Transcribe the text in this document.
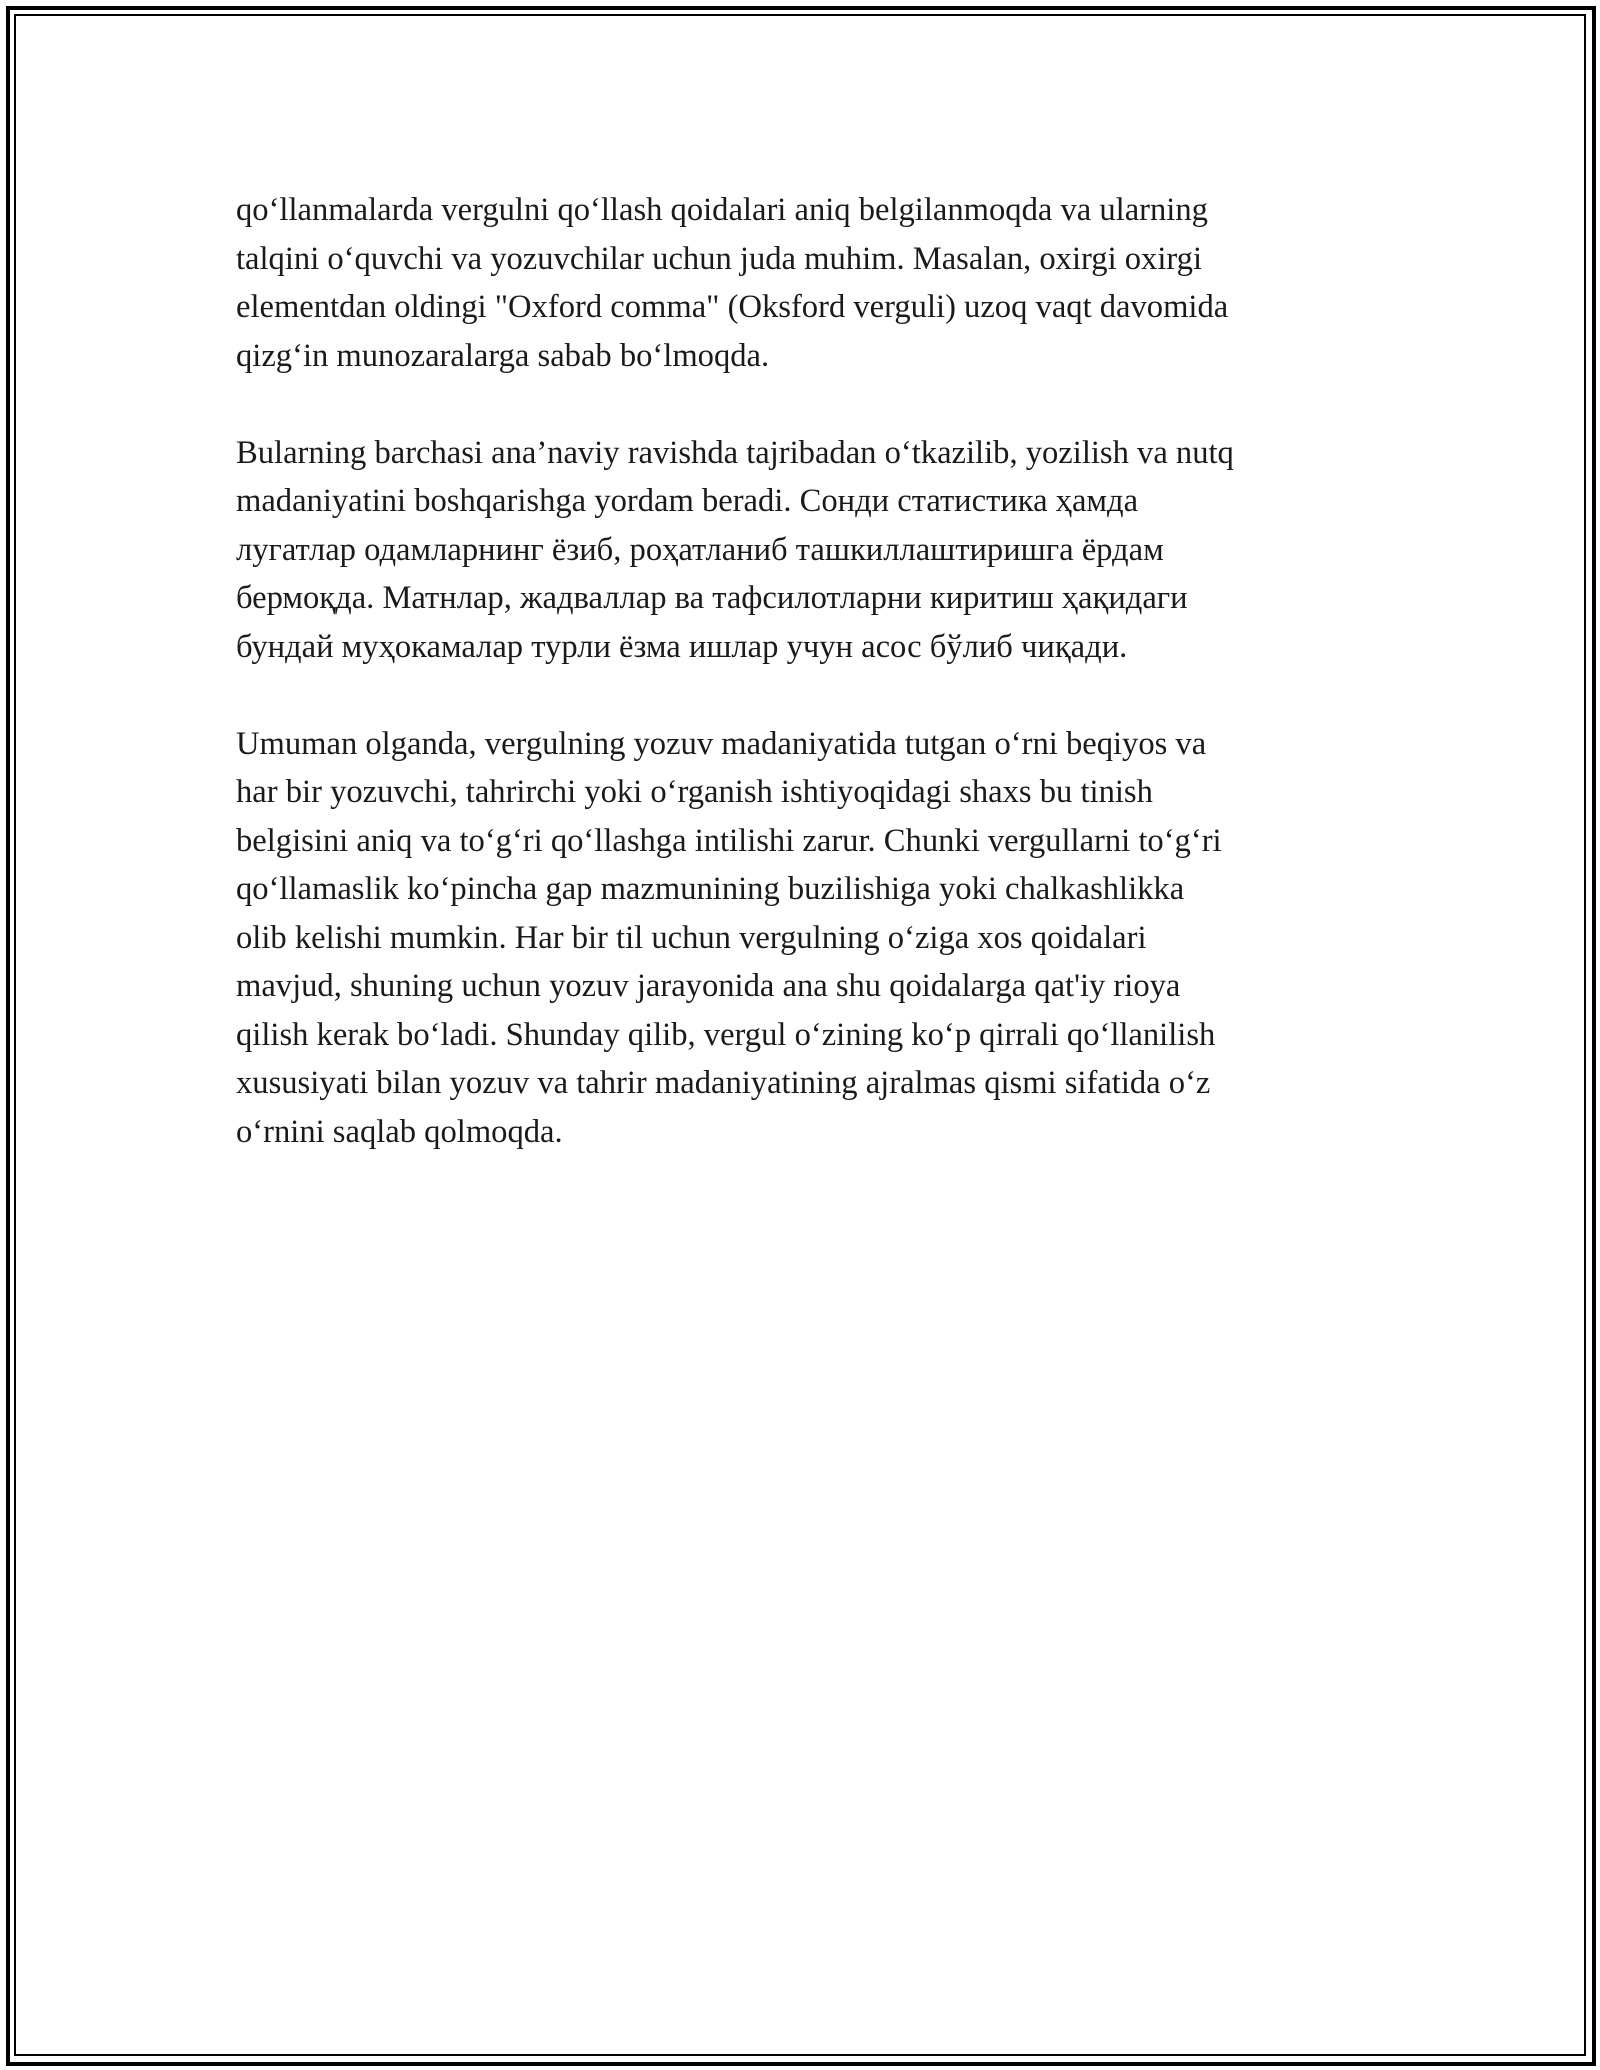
qo‘llanmalarda vergulni qo‘llash qoidalari aniq belgilanmoqda va ularning
talqini o‘quvchi va yozuvchilar uchun juda muhim. Masalan, oxirgi oxirgi
elementdan oldingi "Oxford comma" (Oksford verguli) uzoq vaqt davomida
qizg‘in munozaralarga sabab bo‘lmoqda.

Bularning barchasi ana’naviy ravishda tajribadan o‘tkazilib, yozilish va nutq
madaniyatini boshqarishga yordam beradi. Сонди статистика ҳамда
лугатлар одамларнинг ёзиб, роҳатланиб ташкиллаштиришга ёрдам
бермоқда. Матнлар, жадваллар ва тафсилотларни киритиш ҳақидаги
бундай муҳокамалар турли ёзма ишлар учун асос бўлиб чиқади.

Umuman olganda, vergulning yozuv madaniyatida tutgan o‘rni beqiyos va
har bir yozuvchi, tahrirchi yoki o‘rganish ishtiyoqidagi shaxs bu tinish
belgisini aniq va to‘g‘ri qo‘llashga intilishi zarur. Chunki vergullarni to‘g‘ri
qo‘llamaslik ko‘pincha gap mazmunining buzilishiga yoki chalkashlikka
olib kelishi mumkin. Har bir til uchun vergulning o‘ziga xos qoidalari
mavjud, shuning uchun yozuv jarayonida ana shu qoidalarga qat'iy rioya
qilish kerak bo‘ladi. Shunday qilib, vergul o‘zining ko‘p qirrali qo‘llanilish
xususiyati bilan yozuv va tahrir madaniyatining ajralmas qismi sifatida o‘z
o‘rnini saqlab qolmoqda.
